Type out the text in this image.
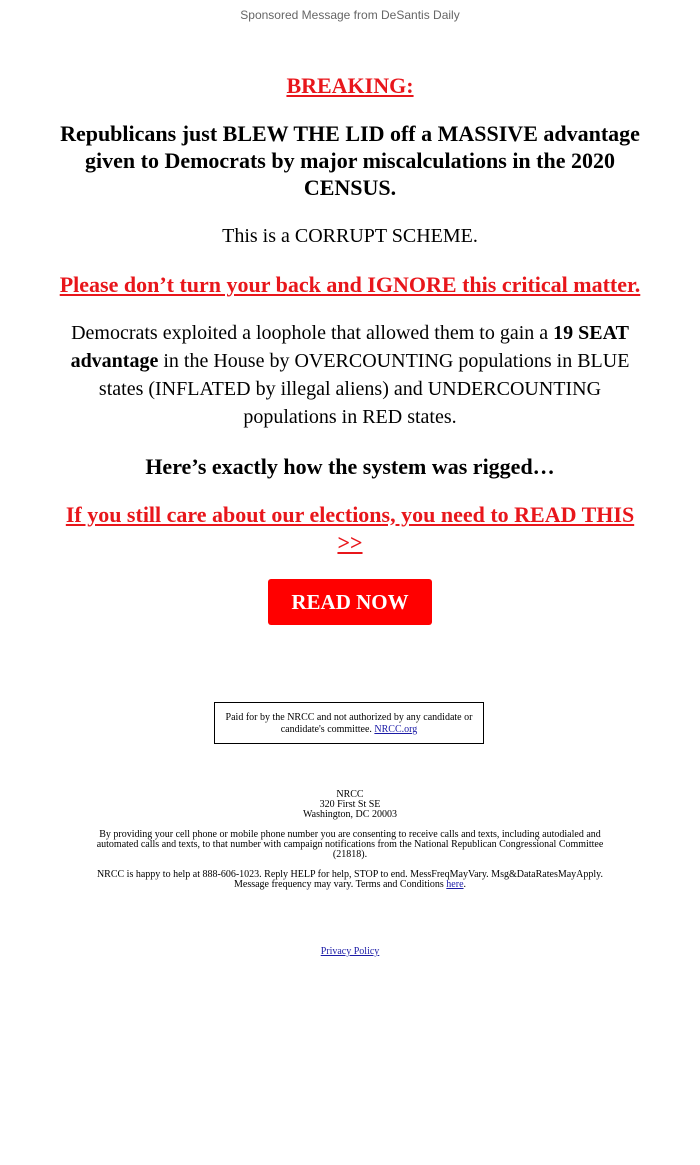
Sponsored Message from DeSantis Daily
BREAKING:
Republicans just BLEW THE LID off a MASSIVE advantage given to Democrats by major miscalculations in the 2020 CENSUS.
This is a CORRUPT SCHEME.
Please don’t turn your back and IGNORE this critical matter.
Democrats exploited a loophole that allowed them to gain a 19 SEAT advantage in the House by OVERCOUNTING populations in BLUE states (INFLATED by illegal aliens) and UNDERCOUNTING populations in RED states.
Here’s exactly how the system was rigged…
If you still care about our elections, you need to READ THIS >>
READ NOW
Paid for by the NRCC and not authorized by any candidate or candidate's committee. NRCC.org

NRCC
320 First St SE
Washington, DC 20003

By providing your cell phone or mobile phone number you are consenting to receive calls and texts, including autodialed and automated calls and texts, to that number with campaign notifications from the National Republican Congressional Committee (21818).

NRCC is happy to help at 888-606-1023. Reply HELP for help, STOP to end. MessFreqMayVary. Msg&DataRatesMayApply. Message frequency may vary. Terms and Conditions here.

Privacy Policy
